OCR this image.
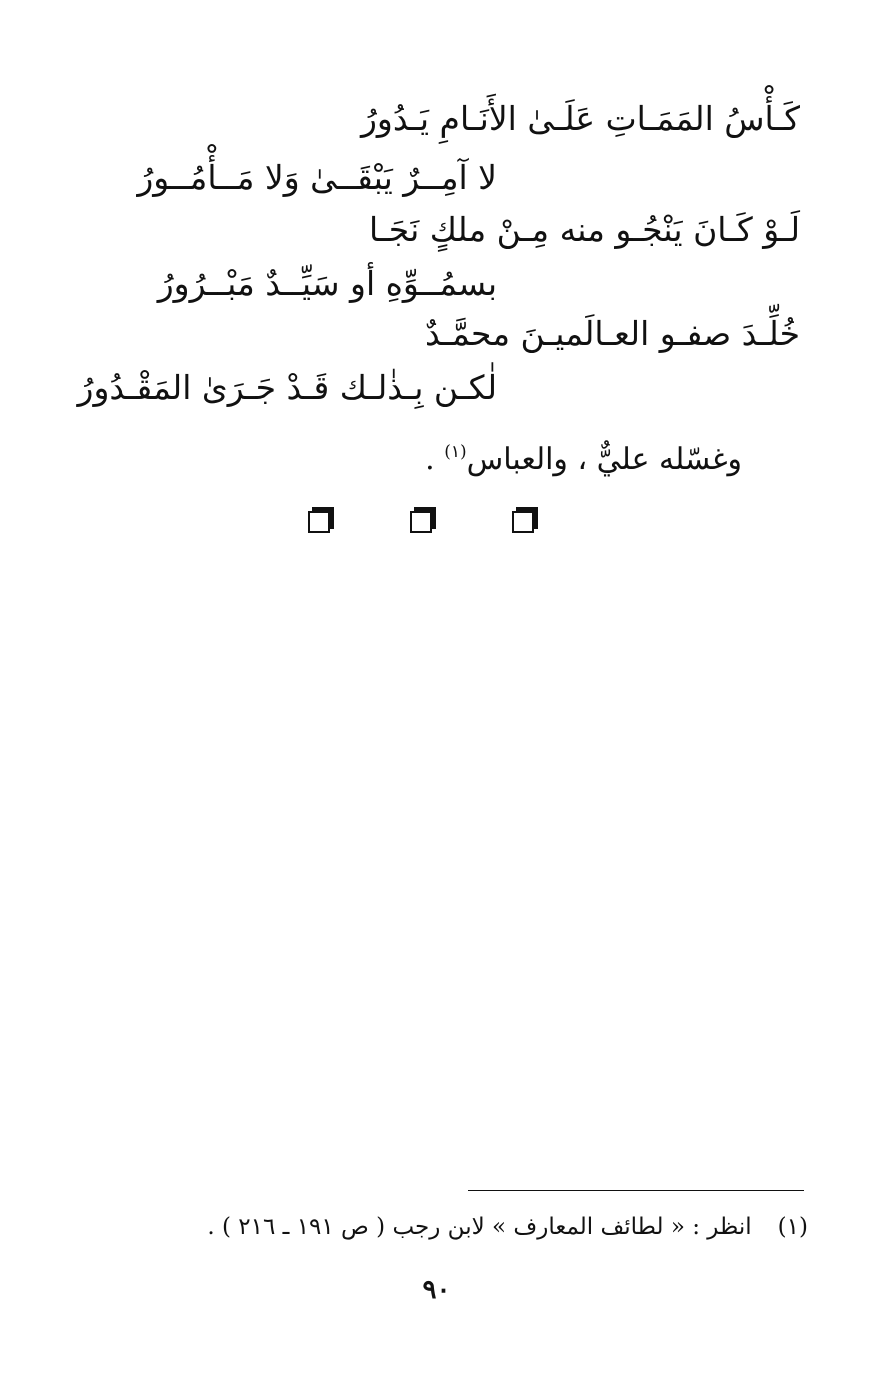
كَـأْسُ المَمَـاتِ عَلَـىٰ الأَنَـامِ يَـدُورُ
لا آمِــرٌ يَبْقَــىٰ وَلا مَــأْمُــورُ
لَـوْ كَـانَ يَنْجُـو منه مِـنْ ملكٍ نَجَـا
بسمُــوِّهِ أو سَيِّــدٌ مَبْــرُورُ
خُلِّـدَ صفـو العـالَميـنَ محمَّـدٌ
لٰكـن بِـذٰلـك قَـدْ جَـرَىٰ المَقْـدُورُ
وغسّله عليٌّ ، والعباس$^{(١)}$ .
(١)انظر : « لطائف المعارف » لابن رجب ( ص ١٩١ ـ ٢١٦ ) .
٩٠
